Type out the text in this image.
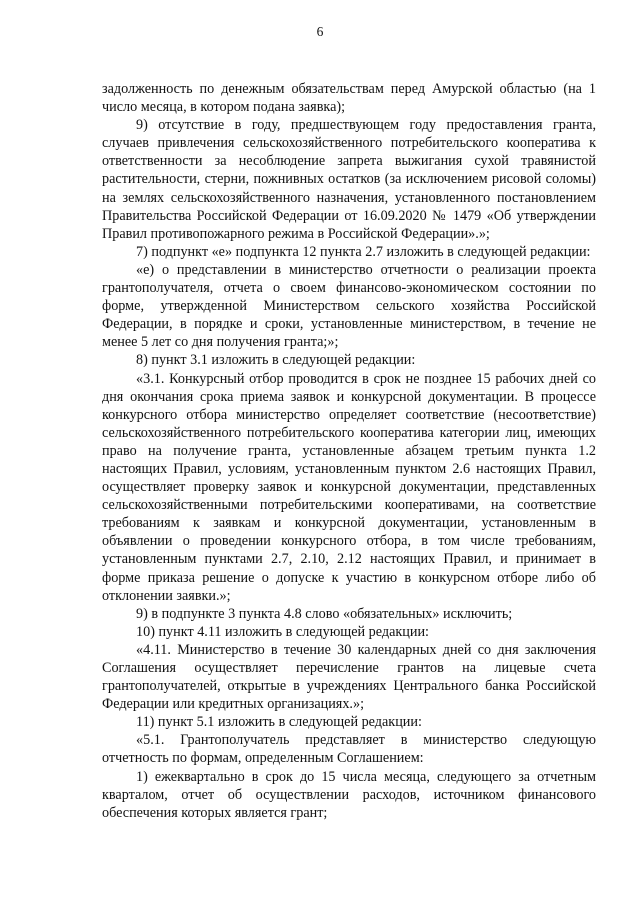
6

задолженность по денежным обязательствам перед Амурской областью (на 1 число месяца, в котором подана заявка);

9) отсутствие в году, предшествующем году предоставления гранта, случаев привлечения сельскохозяйственного потребительского кооператива к ответственности за несоблюдение запрета выжигания сухой травянистой растительности, стерни, пожнивных остатков (за исключением рисовой соломы) на землях сельскохозяйственного назначения, установленного постановлением Правительства Российской Федерации от 16.09.2020 № 1479 «Об утверждении Правил противопожарного режима в Российской Федерации».»;

7) подпункт «е» подпункта 12 пункта 2.7 изложить в следующей редакции:

«е) о представлении в министерство отчетности о реализации проекта грантополучателя, отчета о своем финансово-экономическом состоянии по форме, утвержденной Министерством сельского хозяйства Российской Федерации, в порядке и сроки, установленные министерством, в течение не менее 5 лет со дня получения гранта;»;

8) пункт 3.1 изложить в следующей редакции:

«3.1. Конкурсный отбор проводится в срок не позднее 15 рабочих дней со дня окончания срока приема заявок и конкурсной документации. В процессе конкурсного отбора министерство определяет соответствие (несоответствие) сельскохозяйственного потребительского кооператива категории лиц, имеющих право на получение гранта, установленные абзацем третьим пункта 1.2 настоящих Правил, условиям, установленным пунктом 2.6 настоящих Правил, осуществляет проверку заявок и конкурсной документации, представленных сельскохозяйственными потребительскими кооперативами, на соответствие требованиям к заявкам и конкурсной документации, установленным в объявлении о проведении конкурсного отбора, в том числе требованиям, установленным пунктами 2.7, 2.10, 2.12 настоящих Правил, и принимает в форме приказа решение о допуске к участию в конкурсном отборе либо об отклонении заявки.»;

9) в подпункте 3 пункта 4.8 слово «обязательных» исключить;

10) пункт 4.11 изложить в следующей редакции:

«4.11. Министерство в течение 30 календарных дней со дня заключения Соглашения осуществляет перечисление грантов на лицевые счета грантополучателей, открытые в учреждениях Центрального банка Российской Федерации или кредитных организациях.»;

11) пункт 5.1 изложить в следующей редакции:

«5.1. Грантополучатель представляет в министерство следующую отчетность по формам, определенным Соглашением:

1) ежеквартально в срок до 15 числа месяца, следующего за отчетным кварталом, отчет об осуществлении расходов, источником финансового обеспечения которых является грант;
